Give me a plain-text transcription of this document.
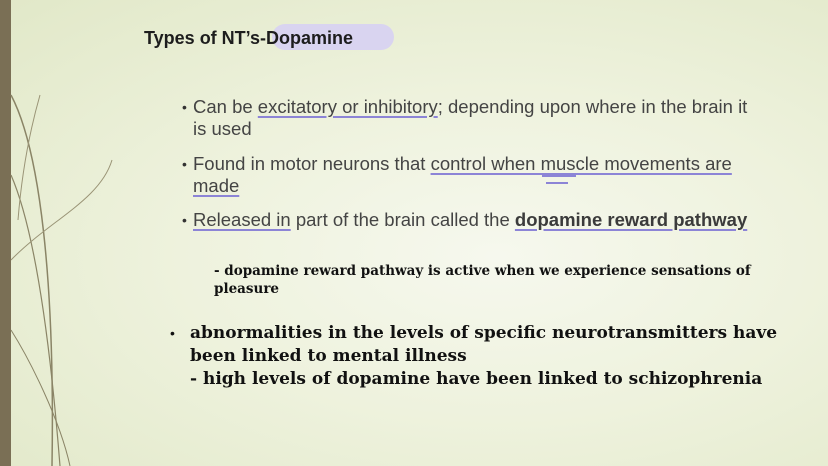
Types of NT’s-Dopamine
• Can be excitatory or inhibitory; depending upon where in the brain it is used
• Found in motor neurons that control when muscle movements are made
• Released in part of the brain called the dopamine reward pathway
- dopamine reward pathway is active when we experience sensations of pleasure
• abnormalities in the levels of specific neurotransmitters have been linked to mental illness
- high levels of dopamine have been linked to schizophrenia
